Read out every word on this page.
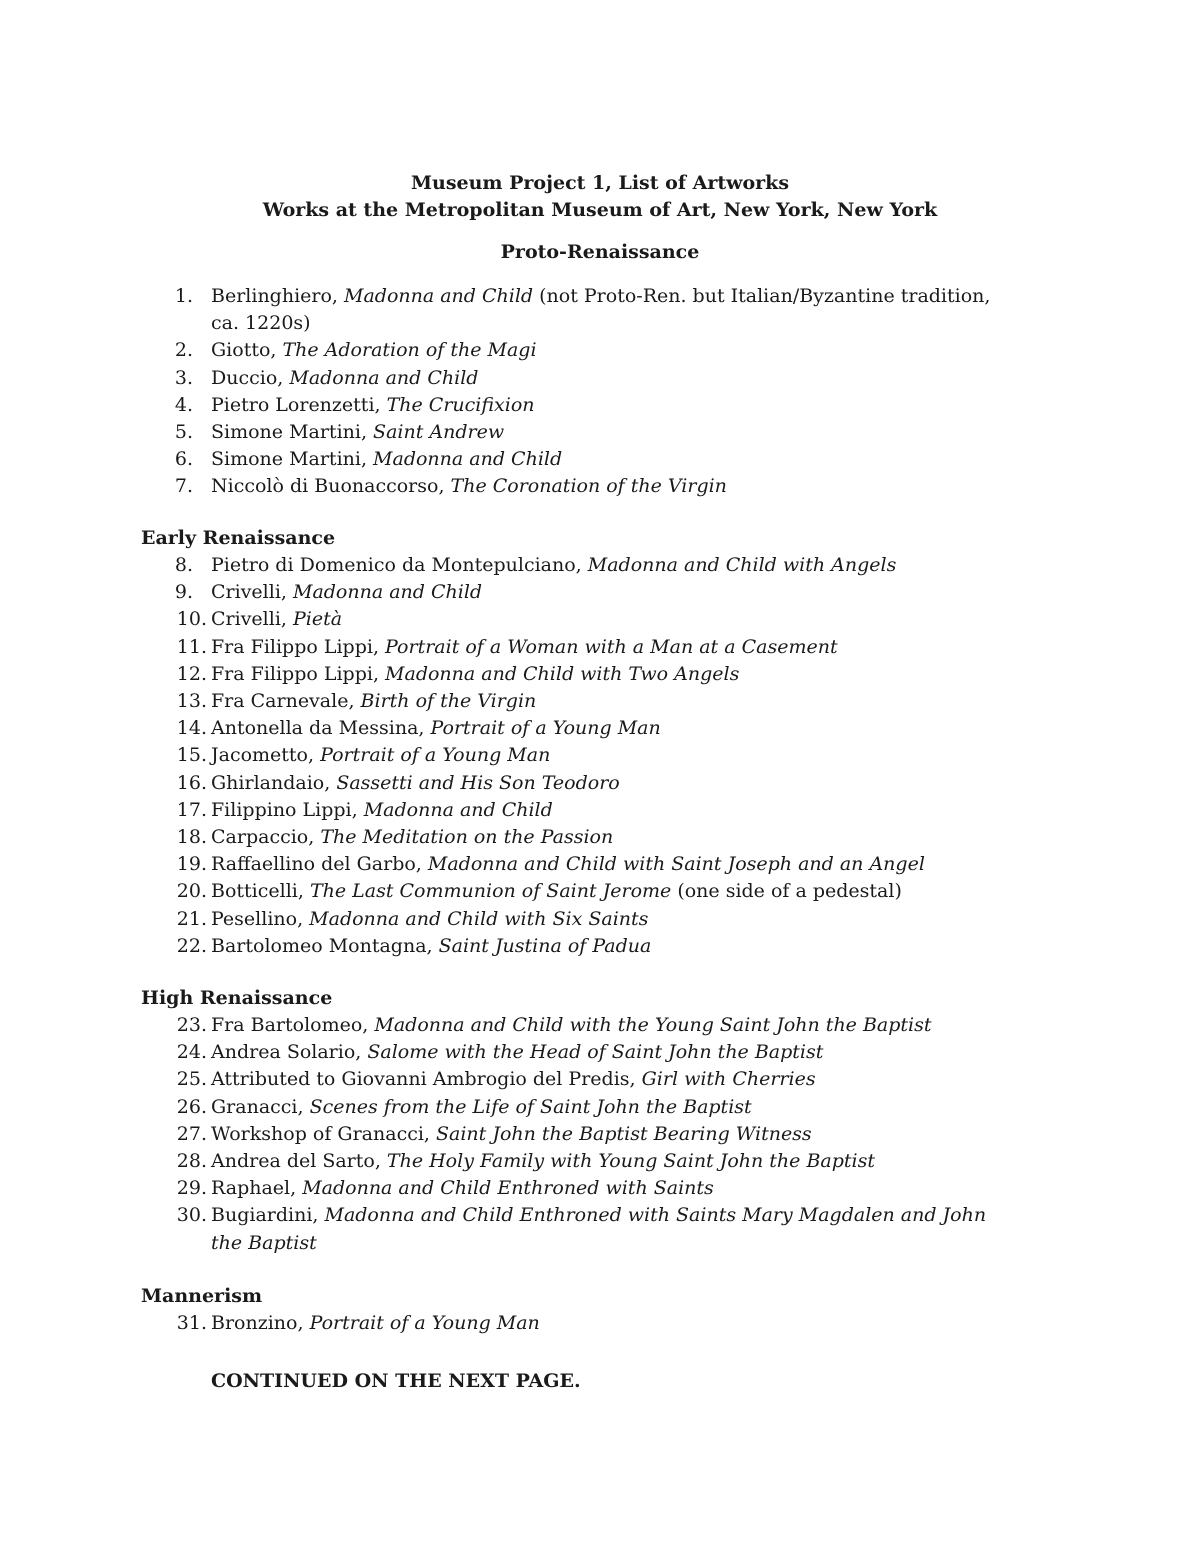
Museum Project 1, List of Artworks
Works at the Metropolitan Museum of Art, New York, New York
Proto-Renaissance
1. Berlinghiero, Madonna and Child (not Proto-Ren. but Italian/Byzantine tradition, ca. 1220s)
2. Giotto, The Adoration of the Magi
3. Duccio, Madonna and Child
4. Pietro Lorenzetti, The Crucifixion
5. Simone Martini, Saint Andrew
6. Simone Martini, Madonna and Child
7. Niccolò di Buonaccorso, The Coronation of the Virgin
Early Renaissance
8. Pietro di Domenico da Montepulciano, Madonna and Child with Angels
9. Crivelli, Madonna and Child
10. Crivelli, Pietà
11. Fra Filippo Lippi, Portrait of a Woman with a Man at a Casement
12. Fra Filippo Lippi, Madonna and Child with Two Angels
13. Fra Carnevale, Birth of the Virgin
14. Antonella da Messina, Portrait of a Young Man
15. Jacometto, Portrait of a Young Man
16. Ghirlandaio, Sassetti and His Son Teodoro
17. Filippino Lippi, Madonna and Child
18. Carpaccio, The Meditation on the Passion
19. Raffaellino del Garbo, Madonna and Child with Saint Joseph and an Angel
20. Botticelli, The Last Communion of Saint Jerome (one side of a pedestal)
21. Pesellino, Madonna and Child with Six Saints
22. Bartolomeo Montagna, Saint Justina of Padua
High Renaissance
23. Fra Bartolomeo, Madonna and Child with the Young Saint John the Baptist
24. Andrea Solario, Salome with the Head of Saint John the Baptist
25. Attributed to Giovanni Ambrogio del Predis, Girl with Cherries
26. Granacci, Scenes from the Life of Saint John the Baptist
27. Workshop of Granacci, Saint John the Baptist Bearing Witness
28. Andrea del Sarto, The Holy Family with Young Saint John the Baptist
29. Raphael, Madonna and Child Enthroned with Saints
30. Bugiardini, Madonna and Child Enthroned with Saints Mary Magdalen and John the Baptist
Mannerism
31. Bronzino, Portrait of a Young Man
CONTINUED ON THE NEXT PAGE.
